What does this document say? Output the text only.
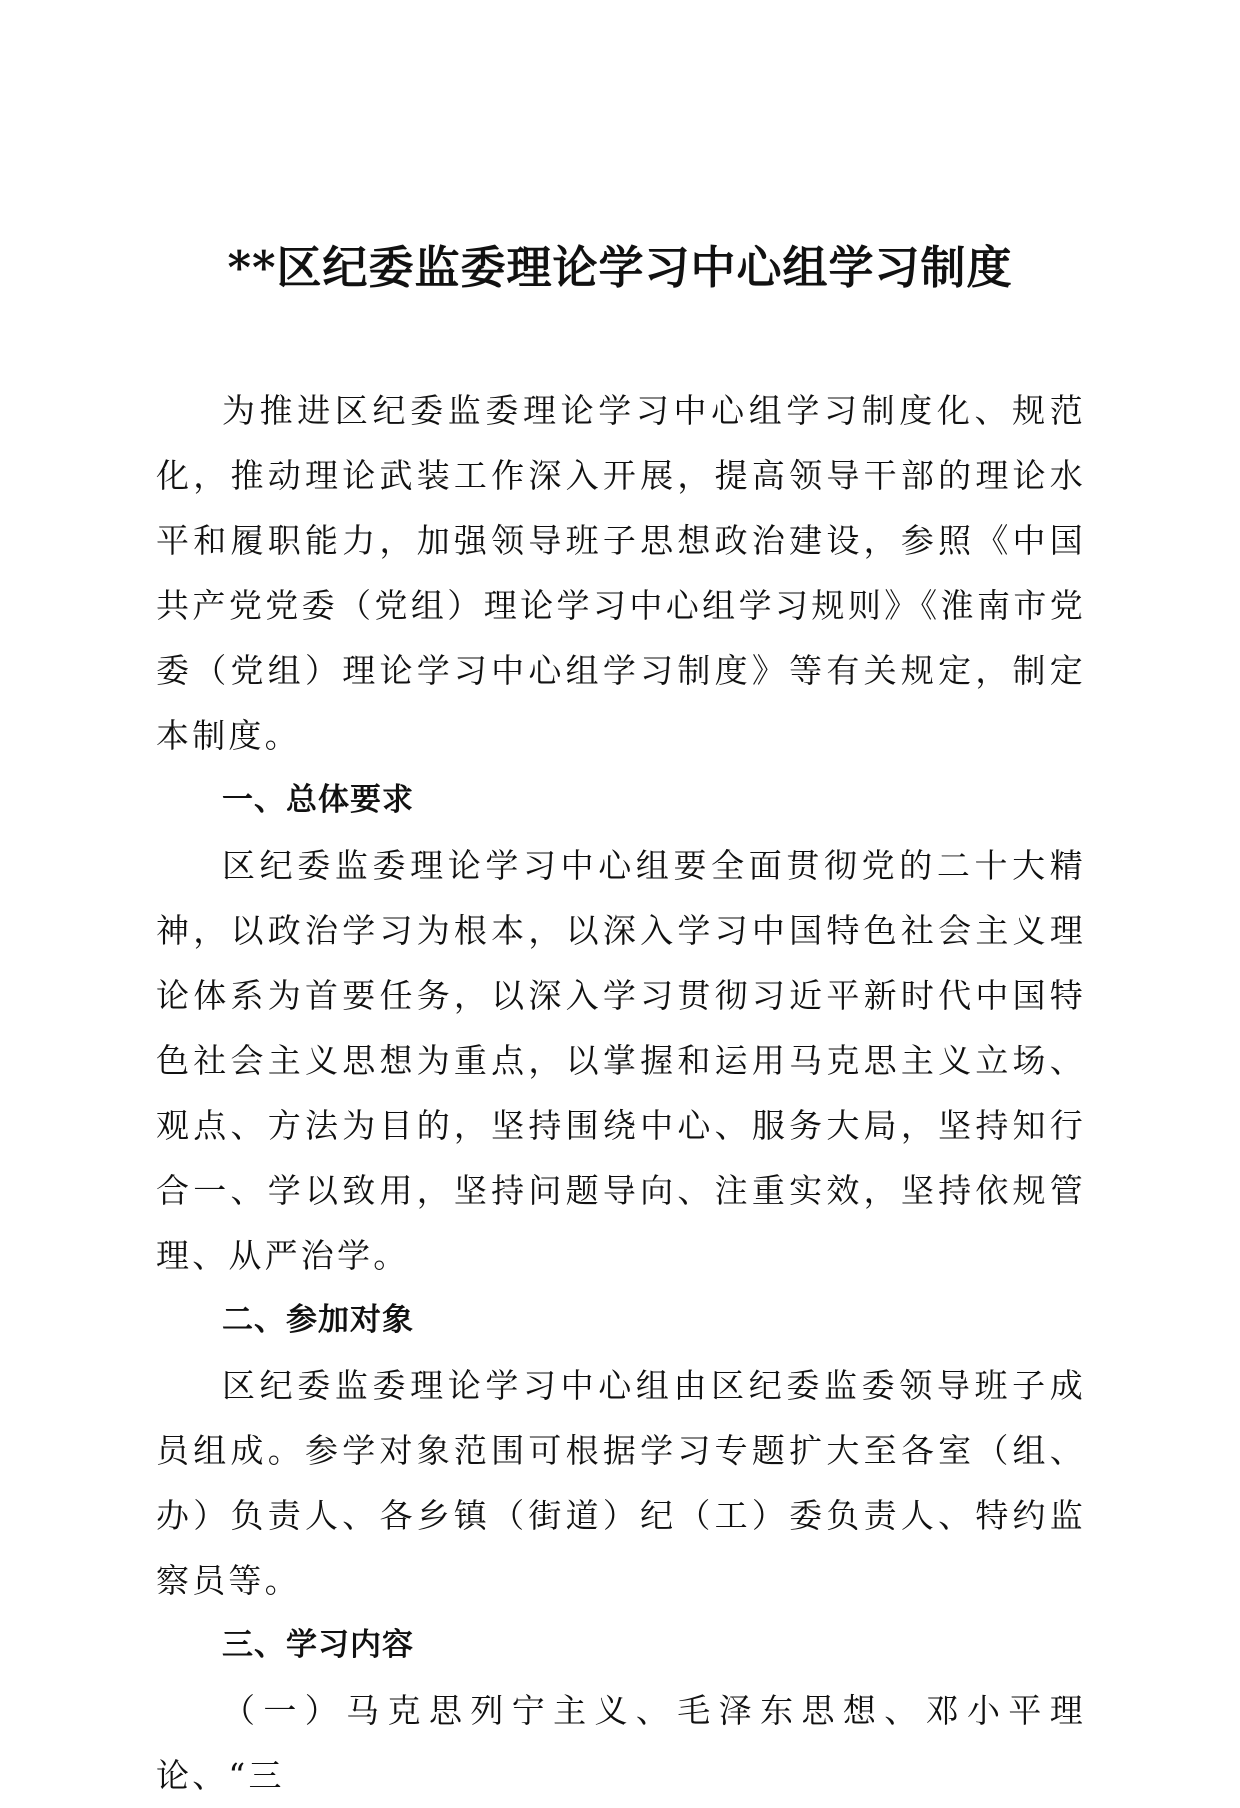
**区纪委监委理论学习中心组学习制度

为推进区纪委监委理论学习中心组学习制度化、规范化，推动理论武装工作深入开展，提高领导干部的理论水平和履职能力，加强领导班子思想政治建设，参照《中国共产党党委（党组）理论学习中心组学习规则》《淮南市党委（党组）理论学习中心组学习制度》等有关规定，制定本制度。

一、总体要求

区纪委监委理论学习中心组要全面贯彻党的二十大精神，以政治学习为根本，以深入学习中国特色社会主义理论体系为首要任务，以深入学习贯彻习近平新时代中国特色社会主义思想为重点，以掌握和运用马克思主义立场、观点、方法为目的，坚持围绕中心、服务大局，坚持知行合一、学以致用，坚持问题导向、注重实效，坚持依规管理、从严治学。

二、参加对象

区纪委监委理论学习中心组由区纪委监委领导班子成员组成。参学对象范围可根据学习专题扩大至各室（组、办）负责人、各乡镇（街道）纪（工）委负责人、特约监察员等。

三、学习内容

（一）马克思列宁主义、毛泽东思想、邓小平理论、“三
